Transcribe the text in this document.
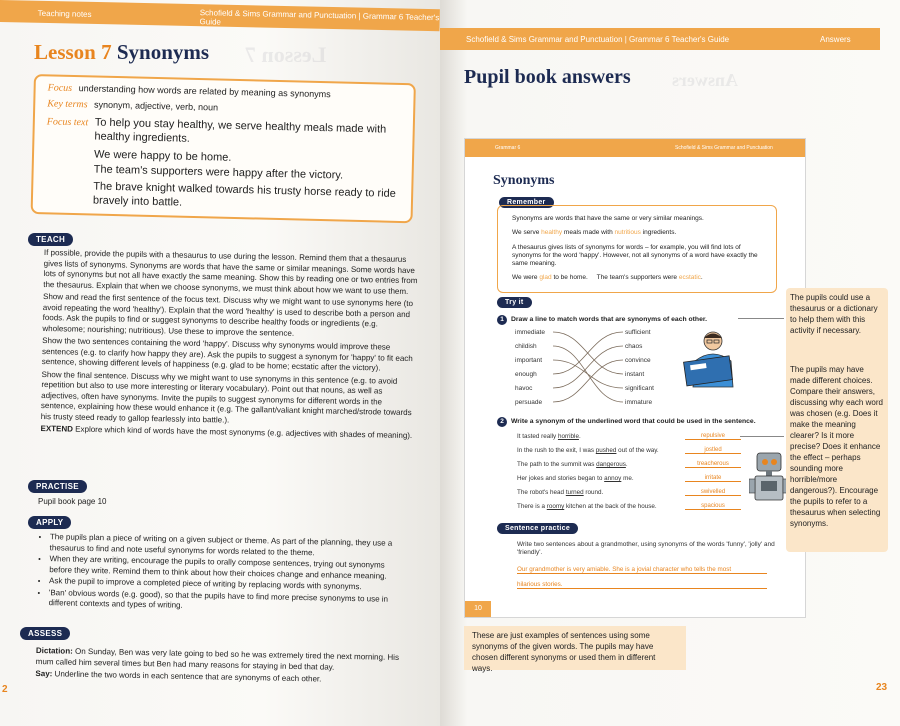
Teaching notes	Schofield & Sims Grammar and Punctuation | Grammar 6 Teacher's Guide
Lesson 7
Lesson 7 Synonyms
Focus understanding how words are related by meaning as synonyms
Key terms synonym, adjective, verb, noun
Focus text To help you stay healthy, we serve healthy meals made with healthy ingredients.
We were happy to be home.
The team's supporters were happy after the victory.
The brave knight walked towards his trusty horse ready to ride bravely into battle.
TEACH

If possible, provide the pupils with a thesaurus to use during the lesson. Remind them that a thesaurus gives lists of synonyms. Synonyms are words that have the same or similar meanings. Some words have lots of synonyms but not all have exactly the same meaning. Show this by reading one or two entries from the thesaurus. Explain that when we choose synonyms, we must think about how we want to use them.

Show and read the first sentence of the focus text. Discuss why we might want to use synonyms here (to avoid repeating the word 'healthy'). Explain that the word 'healthy' is used to describe both a person and foods. Ask the pupils to find or suggest synonyms to describe healthy foods or ingredients (e.g. wholesome; nourishing; nutritious). Use these to improve the sentence.

Show the two sentences containing the word 'happy'. Discuss why synonyms would improve these sentences (e.g. to clarify how happy they are). Ask the pupils to suggest a synonym for 'happy' to fit each sentence, showing different levels of happiness (e.g. glad to be home; ecstatic after the victory).

Show the final sentence. Discuss why we might want to use synonyms in this sentence (e.g. to avoid repetition but also to use more interesting or literary vocabulary). Point out that nouns, as well as adjectives, often have synonyms. Invite the pupils to suggest synonyms for different words in the sentence, explaining how these would enhance it (e.g. The gallant/valiant knight marched/strode towards his trusty steed ready to gallop fearlessly into battle.).

EXTEND Explore which kind of words have the most synonyms (e.g. adjectives with shades of meaning).

PRACTISE
Pupil book page 10
APPLY
• The pupils plan a piece of writing on a given subject or theme. As part of the planning, they use a thesaurus to find and note useful synonyms for words related to the theme.
• When they are writing, encourage the pupils to orally compose sentences, trying out synonyms before they write. Remind them to think about how their choices change and enhance meaning.
• Ask the pupil to improve a completed piece of writing by replacing words with synonyms.
• 'Ban' obvious words (e.g. good), so that the pupils have to find more precise synonyms to use in different contexts and types of writing.
ASSESS

Dictation: On Sunday, Ben was very late going to bed so he was extremely tired the next morning. His mum called him several times but Ben had many reasons for staying in bed that day.

Say: Underline the two words in each sentence that are synonyms of each other.

2
Schofield & Sims Grammar and Punctuation | Grammar 6 Teacher's Guide	Answers
Answers
Pupil book answers
Grammar 6	Schofield & Sims Grammar and Punctuation
Synonyms
Remember
Synonyms are words that have the same or very similar meanings.
We serve healthy meals made with nutritious ingredients.
A thesaurus gives lists of synonyms for words – for example, you will find lots of synonyms for the word 'happy'. However, not all synonyms of a word have exactly the same meaning.
We were glad to be home.     The team's supporters were ecstatic.
Try it
1 Draw a line to match words that are synonyms of each other.
immediate
childish
important
enough
havoc
persuade
sufficient
chaos
convince
instant
significant
immature
2 Write a synonym of the underlined word that could be used in the sentence.
It tasted really horrible.	repulsive
In the rush to the exit, I was pushed out of the way.	jostled
The path to the summit was dangerous.	treacherous
Her jokes and stories began to annoy me.	irritate
The robot's head turned round.	swivelled
There is a roomy kitchen at the back of the house.	spacious
Sentence practice
Write two sentences about a grandmother, using synonyms of the words 'funny', 'jolly' and 'friendly'.
Our grandmother is very amiable. She is a jovial character who tells the most
hilarious stories.
10
The pupils could use a thesaurus or a dictionary to help them with this activity if necessary.
The pupils may have made different choices. Compare their answers, discussing why each word was chosen (e.g. Does it make the meaning clearer? Is it more precise? Does it enhance the effect – perhaps sounding more horrible/more dangerous?). Encourage the pupils to refer to a thesaurus when selecting synonyms.
These are just examples of sentences using some synonyms of the given words. The pupils may have chosen different synonyms or used them in different ways.
23
